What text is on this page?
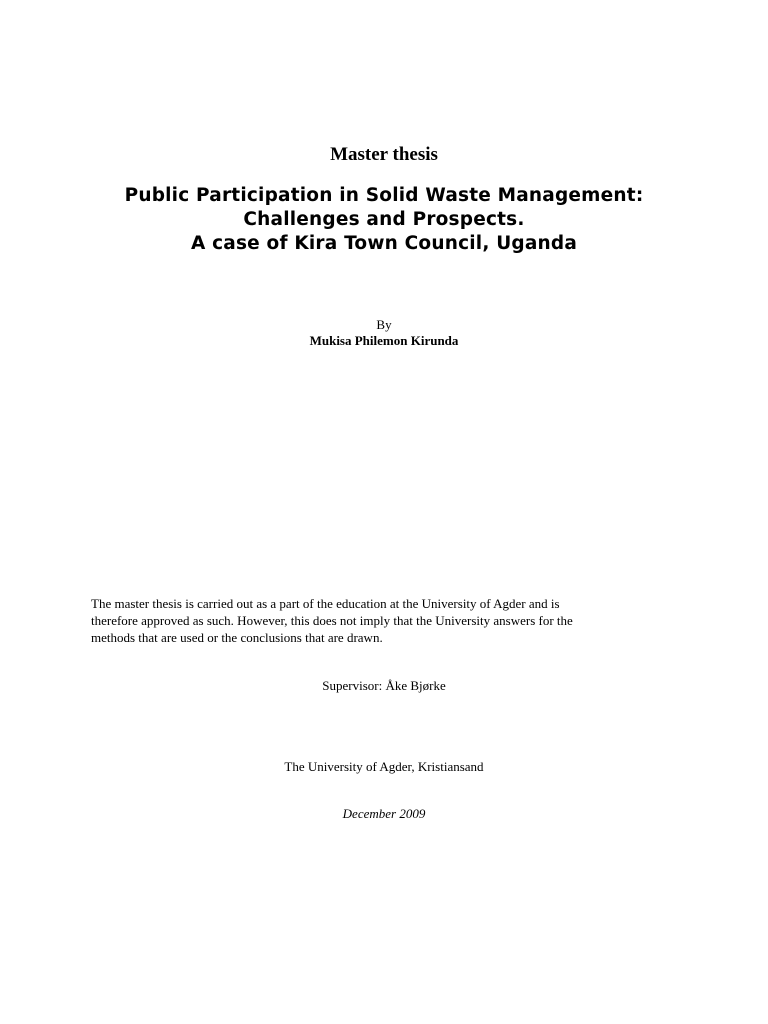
Master thesis
Public Participation in Solid Waste Management:
Challenges and Prospects.
A case of Kira Town Council, Uganda
By
Mukisa Philemon Kirunda
The master thesis is carried out as a part of the education at the University of Agder and is
therefore approved as such. However, this does not imply that the University answers for the
methods that are used or the conclusions that are drawn.
Supervisor: Åke Bjørke
The University of Agder, Kristiansand
December 2009
